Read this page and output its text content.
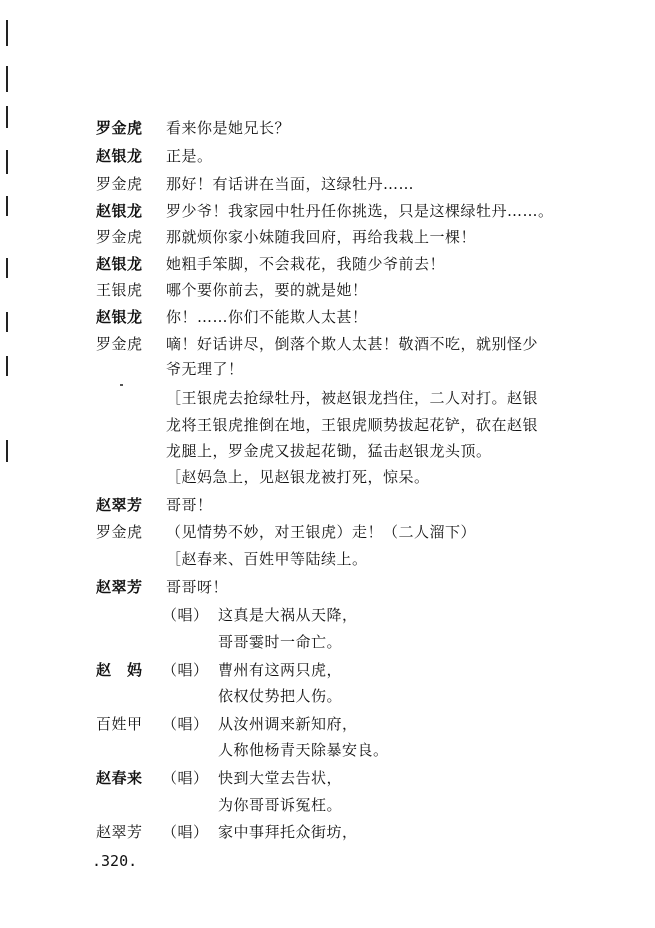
罗金虎	看来你是她兄长？
赵银龙	正是。
罗金虎	那好！有话讲在当面，这绿牡丹……
赵银龙	罗少爷！我家园中牡丹任你挑选，只是这棵绿牡丹……。
罗金虎	那就烦你家小妹随我回府，再给我栽上一棵！
赵银龙	她粗手笨脚，不会栽花，我随少爷前去！
王银虎	哪个要你前去，要的就是她！
赵银龙	你！……你们不能欺人太甚！
罗金虎	嘀！好话讲尽，倒落个欺人太甚！敬酒不吃，就别怪少
爷无理了！
［王银虎去抢绿牡丹，被赵银龙挡住，二人对打。赵银
龙将王银虎推倒在地，王银虎顺势拔起花铲，砍在赵银
龙腿上，罗金虎又拔起花锄，猛击赵银龙头顶。
［赵妈急上，见赵银龙被打死，惊呆。
赵翠芳	哥哥！
罗金虎	（见情势不妙，对王银虎）走！（二人溜下）
［赵春来、百姓甲等陆续上。
赵翠芳	哥哥呀！
（唱） 这真是大祸从天降，
哥哥霎时一命亡。
赵　妈	（唱） 曹州有这两只虎，
依权仗势把人伤。
百姓甲	（唱） 从汝州调来新知府，
人称他杨青天除暴安良。
赵春来	（唱） 快到大堂去告状，
为你哥哥诉冤枉。
赵翠芳	（唱） 家中事拜托众街坊，
.320.
